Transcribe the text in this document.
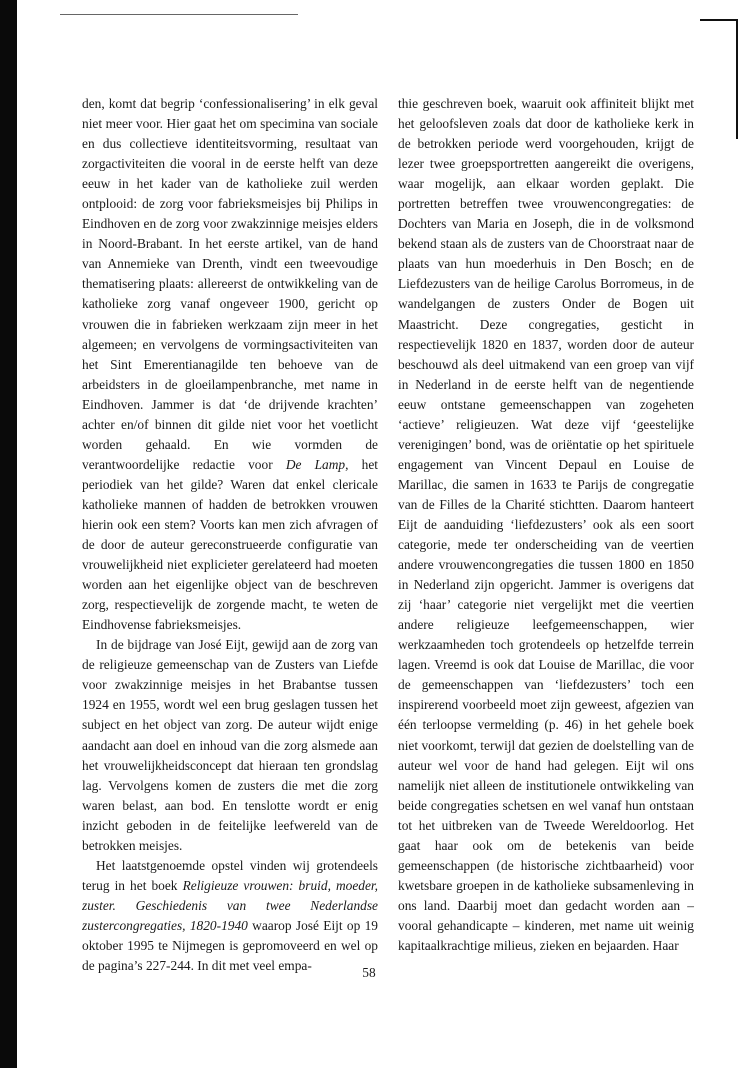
den, komt dat begrip ‘confessionalisering’ in elk geval niet meer voor. Hier gaat het om specimina van sociale en dus collectieve identiteitsvorming, resultaat van zorgactiviteiten die vooral in de eerste helft van deze eeuw in het kader van de katholieke zuil werden ontplooid: de zorg voor fabrieksmeisjes bij Philips in Eindhoven en de zorg voor zwakzinnige meisjes elders in Noord-Brabant. In het eerste artikel, van de hand van Annemieke van Drenth, vindt een tweevoudige thematisering plaats: allereerst de ontwikkeling van de katholieke zorg vanaf ongeveer 1900, gericht op vrouwen die in fabrieken werkzaam zijn meer in het algemeen; en vervolgens de vormingsactiviteiten van het Sint Emerentianagilde ten behoeve van de arbeidsters in de gloeilampenbranche, met name in Eindhoven. Jammer is dat ‘de drijvende krachten’ achter en/of binnen dit gilde niet voor het voetlicht worden gehaald. En wie vormden de verantwoordelijke redactie voor De Lamp, het periodiek van het gilde? Waren dat enkel clericale katholieke mannen of hadden de betrokken vrouwen hierin ook een stem? Voorts kan men zich afvragen of de door de auteur gereconstrueerde configuratie van vrouwelijkheid niet explicieter gerelateerd had moeten worden aan het eigenlijke object van de beschreven zorg, respectievelijk de zorgende macht, te weten de Eindhovense fabrieksmeisjes.

In de bijdrage van José Eijt, gewijd aan de zorg van de religieuze gemeenschap van de Zusters van Liefde voor zwakzinnige meisjes in het Brabantse tussen 1924 en 1955, wordt wel een brug geslagen tussen het subject en het object van zorg. De auteur wijdt enige aandacht aan doel en inhoud van die zorg alsmede aan het vrouwelijkheidsconcept dat hieraan ten grondslag lag. Vervolgens komen de zusters die met die zorg waren belast, aan bod. En tenslotte wordt er enig inzicht geboden in de feitelijke leefwereld van de betrokken meisjes.

Het laatstgenoemde opstel vinden wij grotendeels terug in het boek Religieuze vrouwen: bruid, moeder, zuster. Geschiedenis van twee Nederlandse zustercongregaties, 1820-1940 waarop José Eijt op 19 oktober 1995 te Nijmegen is gepromoveerd en wel op de pagina’s 227-244. In dit met veel empa-

thie geschreven boek, waaruit ook affiniteit blijkt met het geloofsleven zoals dat door de katholieke kerk in de betrokken periode werd voorgehouden, krijgt de lezer twee groepsportretten aangereikt die overigens, waar mogelijk, aan elkaar worden geplakt. Die portretten betreffen twee vrouwencongregaties: de Dochters van Maria en Joseph, die in de volksmond bekend staan als de zusters van de Choorstraat naar de plaats van hun moederhuis in Den Bosch; en de Liefdezusters van de heilige Carolus Borromeus, in de wandelgangen de zusters Onder de Bogen uit Maastricht. Deze congregaties, gesticht in respectievelijk 1820 en 1837, worden door de auteur beschouwd als deel uitmakend van een groep van vijf in Nederland in de eerste helft van de negentiende eeuw ontstane gemeenschappen van zogeheten ‘actieve’ religieuzen. Wat deze vijf ‘geestelijke verenigingen’ bond, was de oriëntatie op het spirituele engagement van Vincent Depaul en Louise de Marillac, die samen in 1633 te Parijs de congregatie van de Filles de la Charité stichtten. Daarom hanteert Eijt de aanduiding ‘liefdezusters’ ook als een soort categorie, mede ter onderscheiding van de veertien andere vrouwencongregaties die tussen 1800 en 1850 in Nederland zijn opgericht. Jammer is overigens dat zij ‘haar’ categorie niet vergelijkt met die veertien andere religieuze leefgemeenschappen, wier werkzaamheden toch grotendeels op hetzelfde terrein lagen. Vreemd is ook dat Louise de Marillac, die voor de gemeenschappen van ‘liefdezusters’ toch een inspirerend voorbeeld moet zijn geweest, afgezien van één terloopse vermelding (p. 46) in het gehele boek niet voorkomt, terwijl dat gezien de doelstelling van de auteur wel voor de hand had gelegen. Eijt wil ons namelijk niet alleen de institutionele ontwikkeling van beide congregaties schetsen en wel vanaf hun ontstaan tot het uitbreken van de Tweede Wereldoorlog. Het gaat haar ook om de betekenis van beide gemeenschappen (de historische zichtbaarheid) voor kwetsbare groepen in de katholieke subsamenleving in ons land. Daarbij moet dan gedacht worden aan – vooral gehandicapte – kinderen, met name uit weinig kapitaalkrachtige milieus, zieken en bejaarden. Haar

58
